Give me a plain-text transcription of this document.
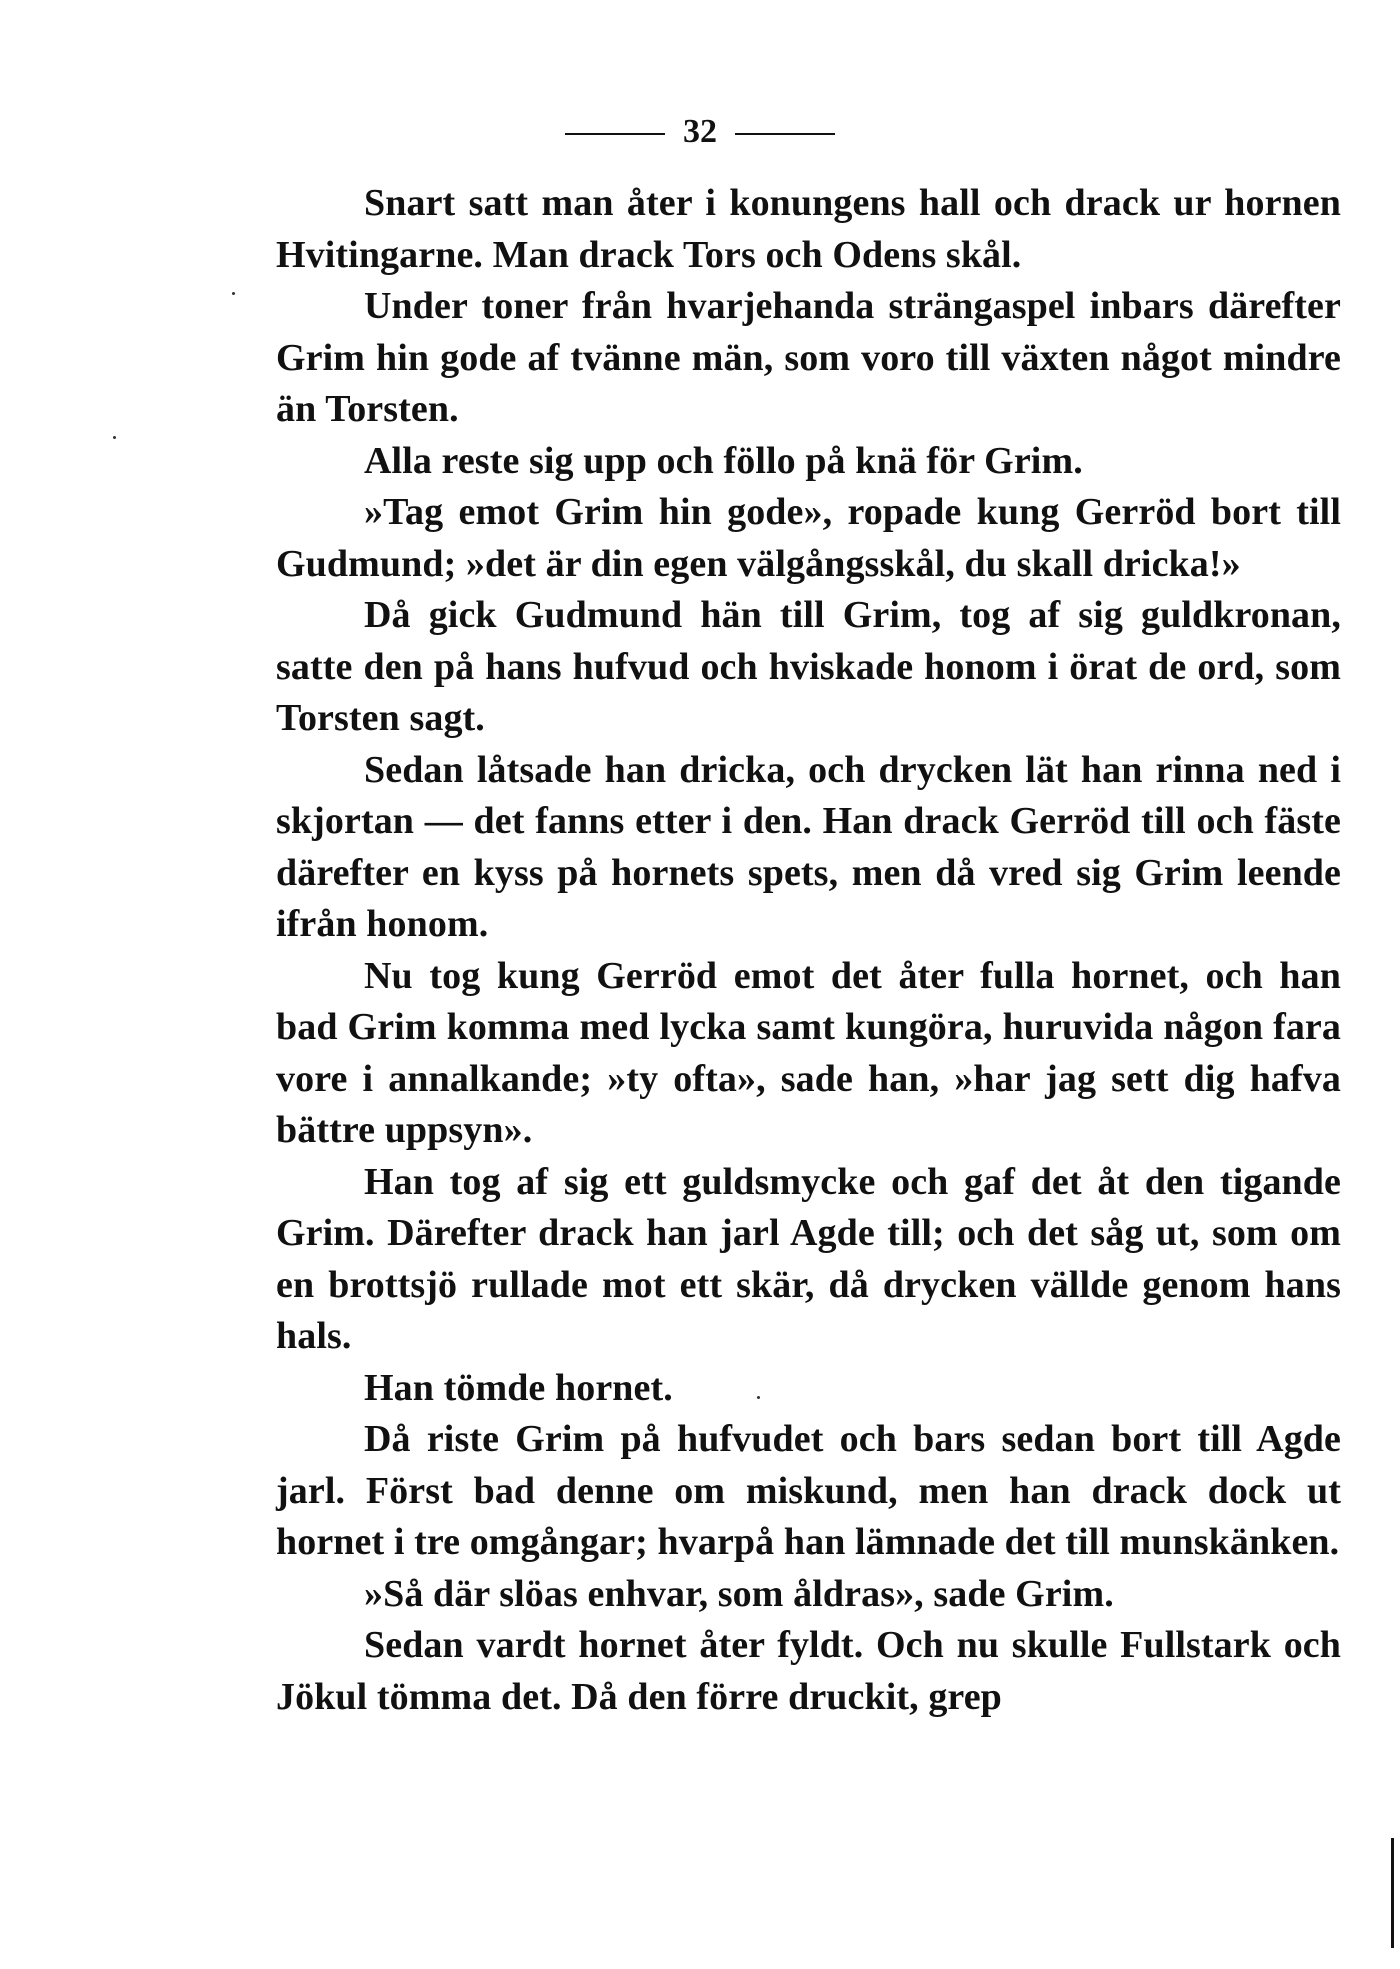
32

Snart satt man åter i konungens hall och drack ur hornen Hvitingarne. Man drack Tors och Odens skål.

Under toner från hvarjehanda strängaspel inbars därefter Grim hin gode af tvänne män, som voro till växten något mindre än Torsten.

Alla reste sig upp och föllo på knä för Grim.

»Tag emot Grim hin gode», ropade kung Gerröd bort till Gudmund; »det är din egen välgångsskål, du skall dricka!»

Då gick Gudmund hän till Grim, tog af sig guldkronan, satte den på hans hufvud och hviskade honom i örat de ord, som Torsten sagt.

Sedan låtsade han dricka, och drycken lät han rinna ned i skjortan — det fanns etter i den. Han drack Gerröd till och fäste därefter en kyss på hornets spets, men då vred sig Grim leende ifrån honom.

Nu tog kung Gerröd emot det åter fulla hornet, och han bad Grim komma med lycka samt kungöra, huruvida någon fara vore i annalkande; »ty ofta», sade han, »har jag sett dig hafva bättre uppsyn».

Han tog af sig ett guldsmycke och gaf det åt den tigande Grim. Därefter drack han jarl Agde till; och det såg ut, som om en brottsjö rullade mot ett skär, då drycken vällde genom hans hals.

Han tömde hornet.

Då riste Grim på hufvudet och bars sedan bort till Agde jarl. Först bad denne om miskund, men han drack dock ut hornet i tre omgångar; hvarpå han lämnade det till munskänken.

»Så där slöas enhvar, som åldras», sade Grim.

Sedan vardt hornet åter fyldt. Och nu skulle Fullstark och Jökul tömma det. Då den förre druckit, grep
